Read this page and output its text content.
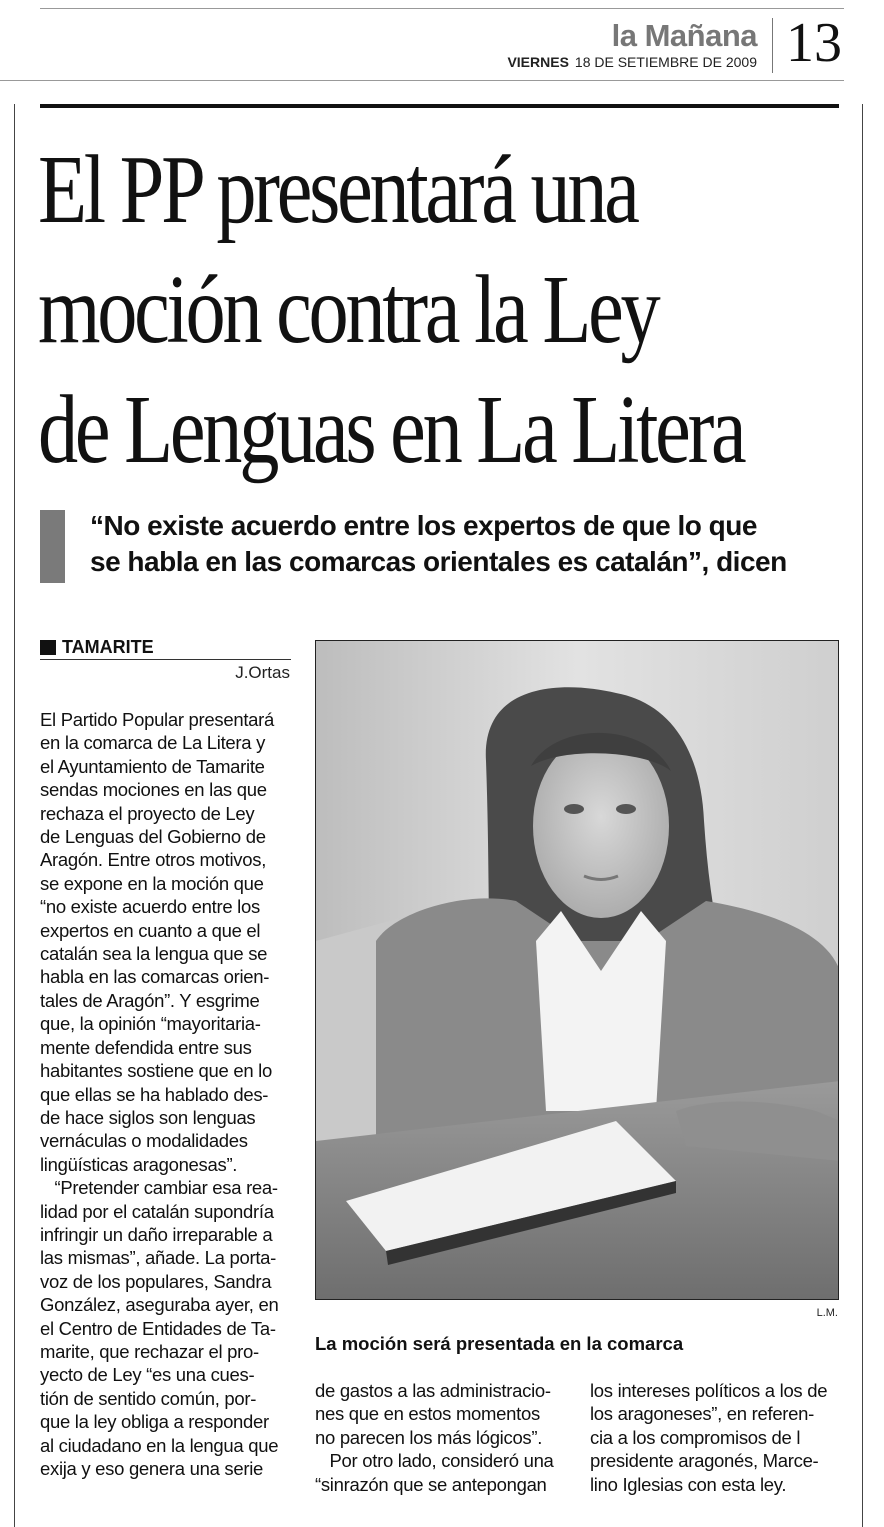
la Mañana
VIERNES 18 DE SETIEMBRE DE 2009 13
El PP presentará una
moción contra la Ley
de Lenguas en La Litera
“No existe acuerdo entre los expertos de que lo que
se habla en las comarcas orientales es catalán”, dicen
TAMARITE
J.Ortas
El Partido Popular presentará
en la comarca de La Litera y
el Ayuntamiento de Tamarite
sendas mociones en las que
rechaza el proyecto de Ley
de Lenguas del Gobierno de
Aragón. Entre otros motivos,
se expone en la moción que
“no existe acuerdo entre los
expertos en cuanto a que el
catalán sea la lengua que se
habla en las comarcas orien-
tales de Aragón”. Y esgrime
que, la opinión “mayoritaria-
mente defendida entre sus
habitantes sostiene que en lo
que ellas se ha hablado des-
de hace siglos son lenguas
vernáculas o modalidades
lingüísticas aragonesas”.
“Pretender cambiar esa rea-
lidad por el catalán supondría
infringir un daño irreparable a
las mismas”, añade. La porta-
voz de los populares, Sandra
González, aseguraba ayer, en
el Centro de Entidades de Ta-
marite, que rechazar el pro-
yecto de Ley “es una cues-
tión de sentido común, por-
que la ley obliga a responder
al ciudadano en la lengua que
exija y eso genera una serie
L.M.
La moción será presentada en la comarca
de gastos a las administracio-
nes que en estos momentos
no parecen los más lógicos”.
Por otro lado, consideró una
“sinrazón que se antepongan
los intereses políticos a los de
los aragoneses”, en referen-
cia a los compromisos de l
presidente aragonés, Marce-
lino Iglesias con esta ley.
